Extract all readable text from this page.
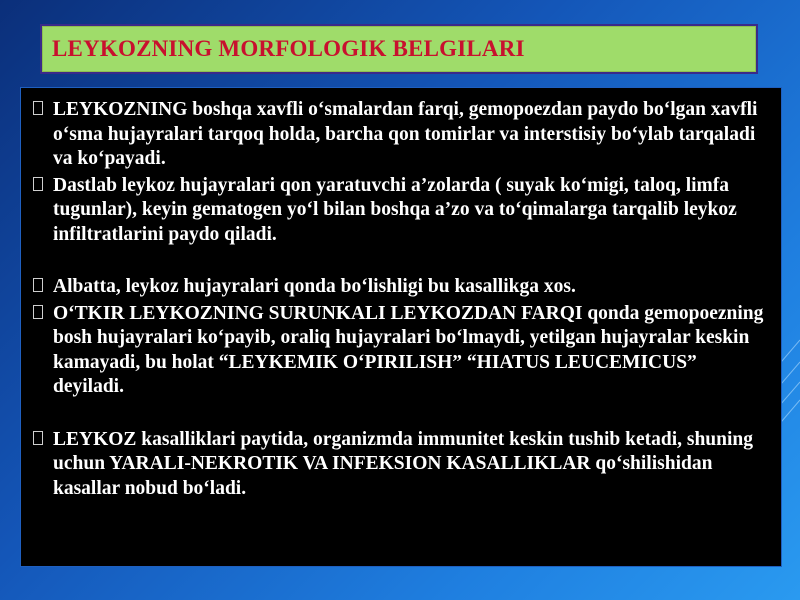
LEYKOZNING MORFOLOGIK BELGILARI
LEYKOZNING boshqa xavfli o‘smalardan farqi, gemopoezdan paydo bo‘lgan xavfli o‘sma hujayralari tarqoq holda, barcha qon tomirlar va interstisiy bo‘ylab tarqaladi va ko‘payadi.
Dastlab leykoz hujayralari qon yaratuvchi a’zolarda ( suyak ko‘migi, taloq, limfa tugunlar), keyin gematogen yo‘l bilan boshqa a’zo va to‘qimalarga tarqalib leykoz infiltratlarini paydo qiladi.
Albatta, leykoz hujayralari qonda bo‘lishligi bu kasallikga xos.
O‘TKIR LEYKOZNING SURUNKALI LEYKOZDAN FARQI qonda gemopoezning bosh hujayralari ko‘payib, oraliq hujayralari bo‘lmaydi, yetilgan hujayralar keskin kamayadi, bu holat “LEYKEMIK O‘PIRILISH” “HIATUS LEUCEMICUS” deyiladi.
LEYKOZ kasalliklari paytida, organizmda immunitet keskin tushib ketadi, shuning uchun YARALI-NEKROTIK VA INFEKSION KASALLIKLAR qo‘shilishidan kasallar nobud bo‘ladi.
